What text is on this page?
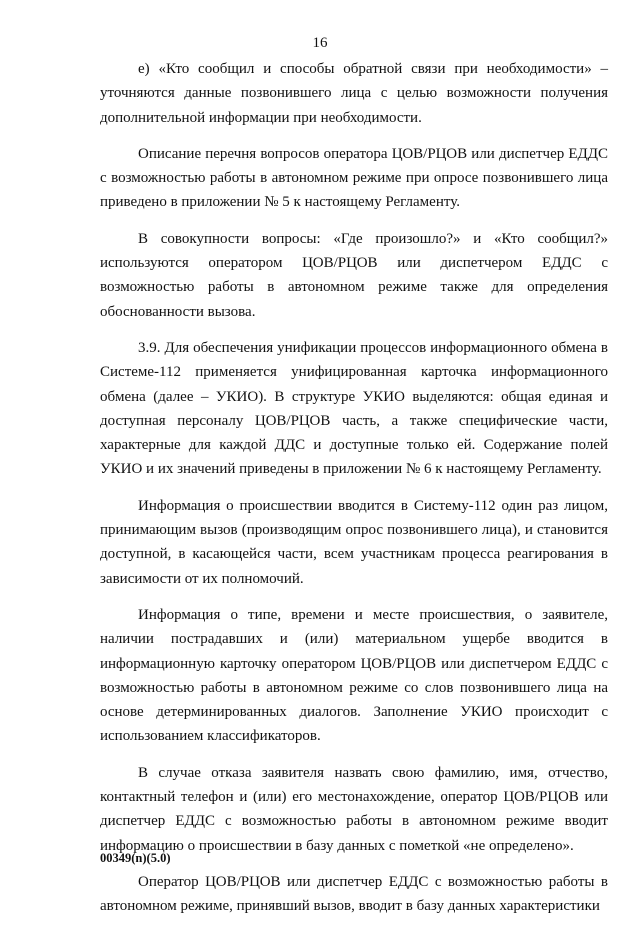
16

е) «Кто сообщил и способы обратной связи при необходимости» – уточняются данные позвонившего лица с целью возможности получения дополнительной информации при необходимости.

Описание перечня вопросов оператора ЦОВ/РЦОВ или диспетчер ЕДДС с возможностью работы в автономном режиме при опросе позвонившего лица приведено в приложении № 5 к настоящему Регламенту.

В совокупности вопросы: «Где произошло?» и «Кто сообщил?» используются оператором ЦОВ/РЦОВ или диспетчером ЕДДС с возможностью работы в автономном режиме также для определения обоснованности вызова.

3.9. Для обеспечения унификации процессов информационного обмена в Системе-112 применяется унифицированная карточка информационного обмена (далее – УКИО). В структуре УКИО выделяются: общая единая и доступная персоналу ЦОВ/РЦОВ часть, а также специфические части, характерные для каждой ДДС и доступные только ей. Содержание полей УКИО и их значений приведены в приложении № 6 к настоящему Регламенту.

Информация о происшествии вводится в Систему-112 один раз лицом, принимающим вызов (производящим опрос позвонившего лица), и становится доступной, в касающейся части, всем участникам процесса реагирования в зависимости от их полномочий.

Информация о типе, времени и месте происшествия, о заявителе, наличии пострадавших и (или) материальном ущербе вводится в информационную карточку оператором ЦОВ/РЦОВ или диспетчером ЕДДС с возможностью работы в автономном режиме со слов позвонившего лица на основе детерминированных диалогов. Заполнение УКИО происходит с использованием классификаторов.

В случае отказа заявителя назвать свою фамилию, имя, отчество, контактный телефон и (или) его местонахождение, оператор ЦОВ/РЦОВ или диспетчер ЕДДС с возможностью работы в автономном режиме вводит информацию о происшествии в базу данных с пометкой «не определено».

Оператор ЦОВ/РЦОВ или диспетчер ЕДДС с возможностью работы в автономном режиме, принявший вызов, вводит в базу данных характеристики

00349(n)(5.0)
